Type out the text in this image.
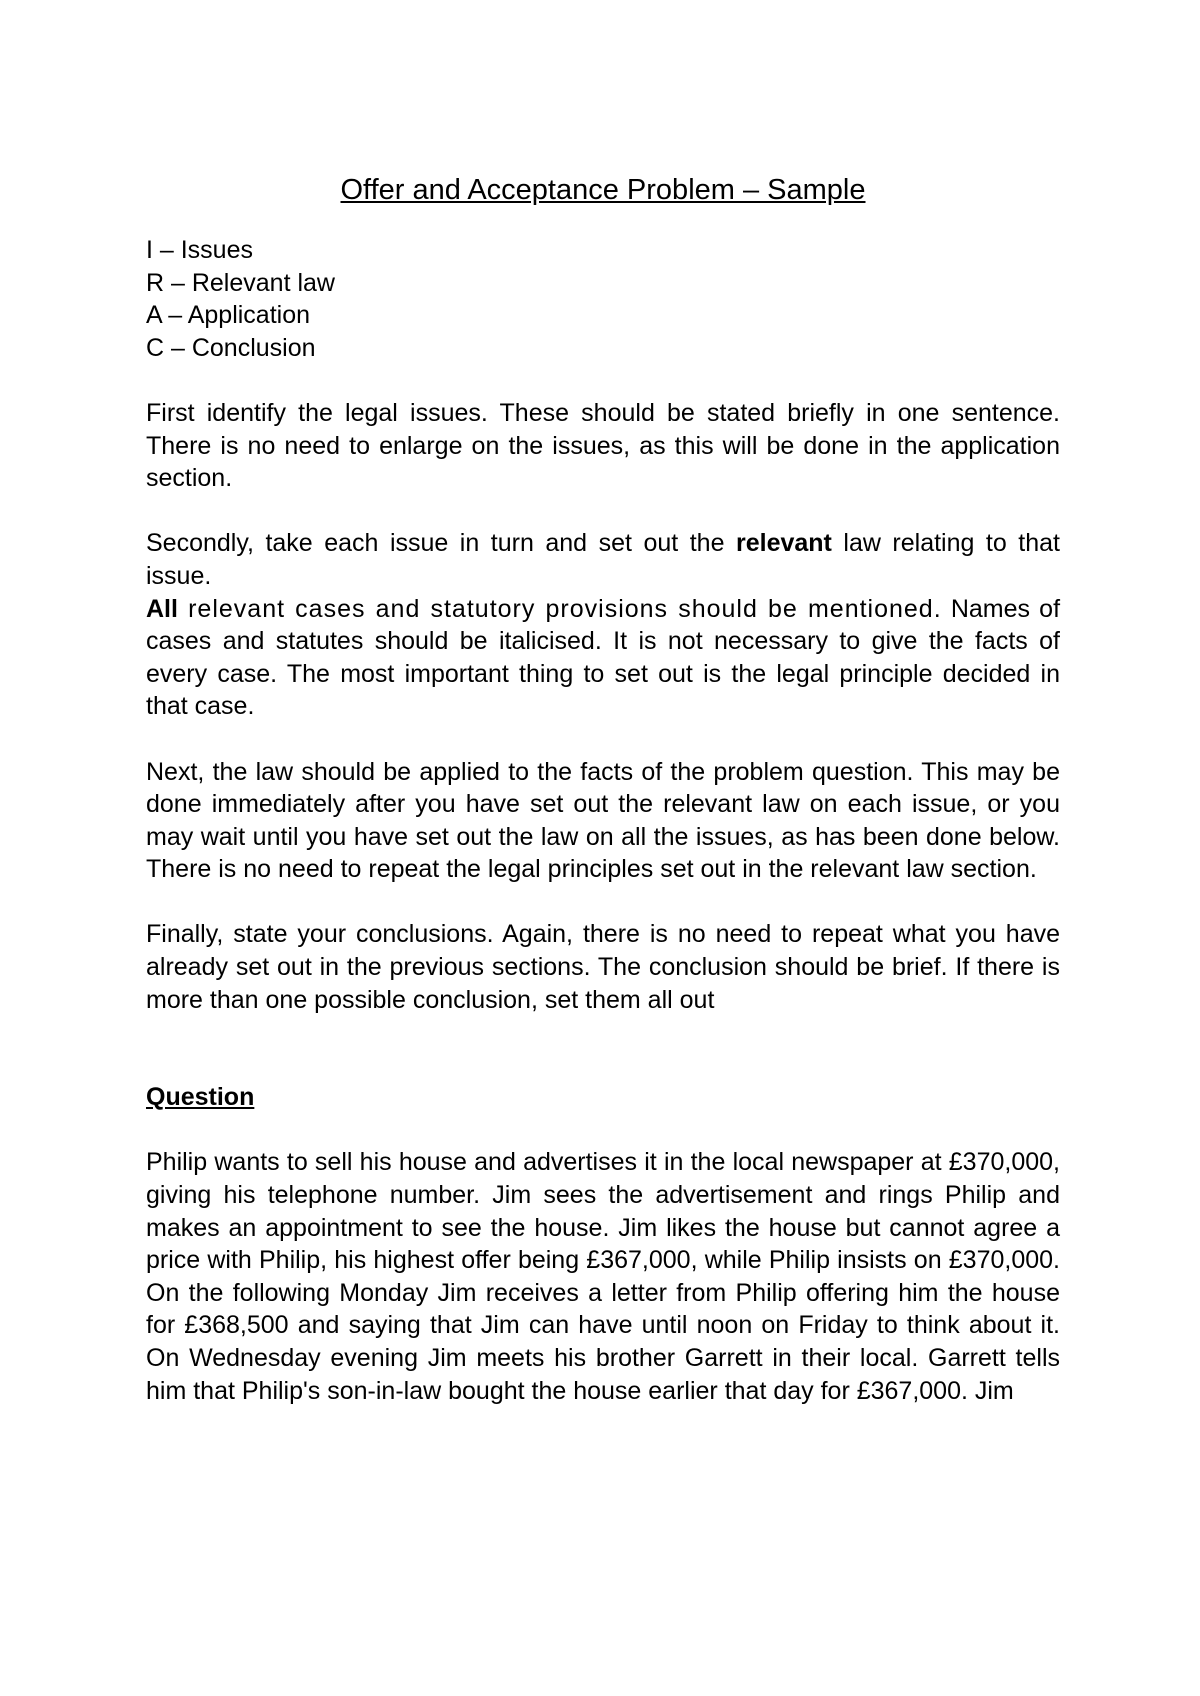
Offer and Acceptance Problem – Sample
I – Issues
R – Relevant law
A – Application
C – Conclusion

First identify the legal issues. These should be stated briefly in one sentence. There is no need to enlarge on the issues, as this will be done in the application section.

Secondly, take each issue in turn and set out the relevant law relating to that issue.

All relevant cases and statutory provisions should be mentioned. Names of cases and statutes should be italicised. It is not necessary to give the facts of every case. The most important thing to set out is the legal principle decided in that case.

Next, the law should be applied to the facts of the problem question. This may be done immediately after you have set out the relevant law on each issue, or you may wait until you have set out the law on all the issues, as has been done below. There is no need to repeat the legal principles set out in the relevant law section.

Finally, state your conclusions. Again, there is no need to repeat what you have already set out in the previous sections. The conclusion should be brief. If there is more than one possible conclusion, set them all out

Question

Philip wants to sell his house and advertises it in the local newspaper at £370,000, giving his telephone number. Jim sees the advertisement and rings Philip and makes an appointment to see the house. Jim likes the house but cannot agree a price with Philip, his highest offer being £367,000, while Philip insists on £370,000. On the following Monday Jim receives a letter from Philip offering him the house for £368,500 and saying that Jim can have until noon on Friday to think about it. On Wednesday evening Jim meets his brother Garrett in their local. Garrett tells him that Philip's son-in-law bought the house earlier that day for £367,000. Jim
